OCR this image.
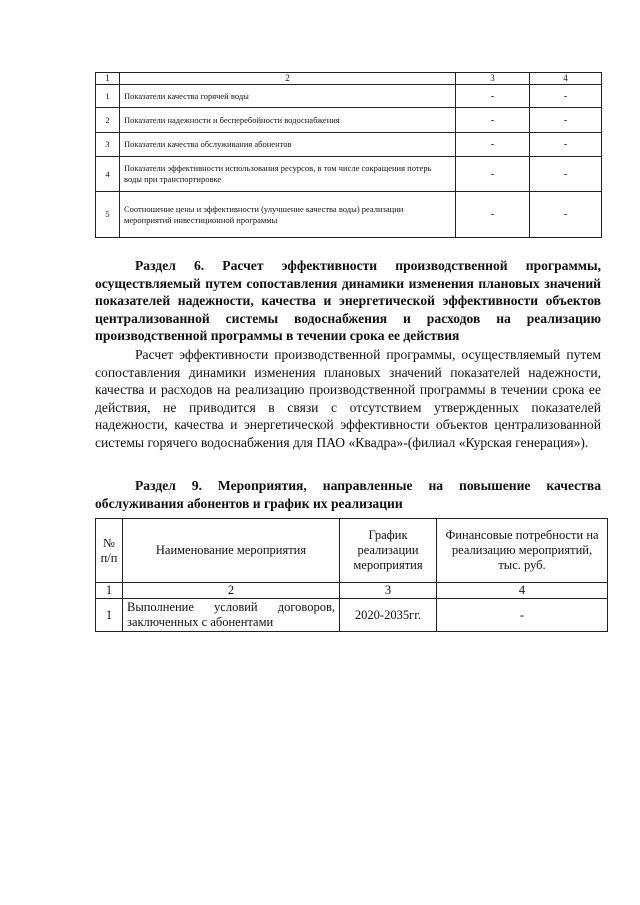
1	2	3	4
1	Показатели качества горячей воды	-	-
2	Показатели надежности и бесперебойности водоснабжения	-	-
3	Показатели качества обслуживания абонентов	-	-
4	Показатели эффективности использования ресурсов, в том числе сокращения потерь воды при транспортировке	-	-
5	Соотношение цены и эффективности (улучшение качества воды) реализации мероприятий инвестиционной программы	-	-
Раздел 6. Расчет эффективности производственной программы, осуществляемый путем сопоставления динамики изменения плановых значений показателей надежности, качества и энергетической эффективности объектов централизованной системы водоснабжения и расходов на реализацию производственной программы в течении срока ее действия
Расчет эффективности производственной программы, осуществляемый путем сопоставления динамики изменения плановых значений показателей надежности, качества и расходов на реализацию производственной программы в течении срока ее действия, не приводится в связи с отсутствием утвержденных показателей надежности, качества и энергетической эффективности объектов централизованной системы горячего водоснабжения для ПАО «Квадра»-(филиал «Курская генерация»).
Раздел 9. Мероприятия, направленные на повышение качества обслуживания абонентов и график их реализации
№ п/п	Наименование мероприятия	График реализации мероприятия	Финансовые потребности на реализацию мероприятий, тыс. руб.
1	2	3	4
1	Выполнение условий договоров, заключенных с абонентами	2020-2035гг.	-
